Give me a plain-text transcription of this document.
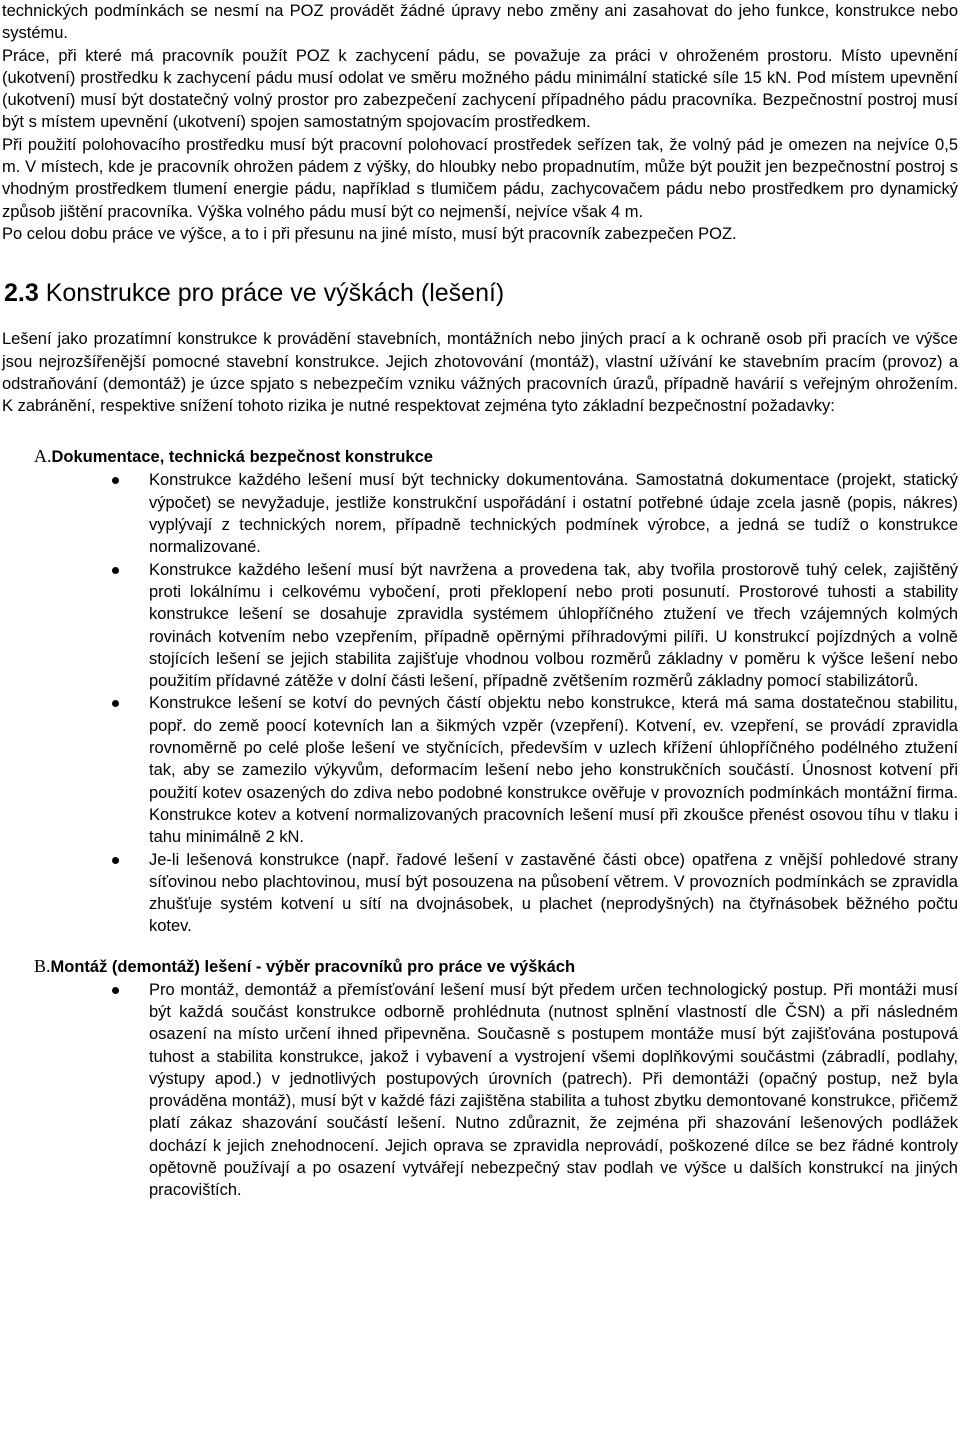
technických podmínkách se nesmí na POZ provádět žádné úpravy nebo změny ani zasahovat do jeho funkce, konstrukce nebo systému.

Práce, při které má pracovník použít POZ k zachycení pádu, se považuje za práci v ohroženém prostoru. Místo upevnění (ukotvení) prostředku k zachycení pádu musí odolat ve směru možného pádu minimální statické síle 15 kN. Pod místem upevnění (ukotvení) musí být dostatečný volný prostor pro zabezpečení zachycení případného pádu pracovníka. Bezpečnostní postroj musí být s místem upevnění (ukotvení) spojen samostatným spojovacím prostředkem.

Při použití polohovacího prostředku musí být pracovní polohovací prostředek seřízen tak, že volný pád je omezen na nejvíce 0,5 m. V místech, kde je pracovník ohrožen pádem z výšky, do hloubky nebo propadnutím, může být použit jen bezpečnostní postroj s vhodným prostředkem tlumení energie pádu, například s tlumičem pádu, zachycovačem pádu nebo prostředkem pro dynamický způsob jištění pracovníka. Výška volného pádu musí být co nejmenší, nejvíce však 4 m.

Po celou dobu práce ve výšce, a to i při přesunu na jiné místo, musí být pracovník zabezpečen POZ.

2.3 Konstrukce pro práce ve výškách (lešení)

Lešení jako prozatímní konstrukce k provádění stavebních, montážních nebo jiných prací a k ochraně osob při pracích ve výšce jsou nejrozšířenější pomocné stavební konstrukce. Jejich zhotovování (montáž), vlastní užívání ke stavebním pracím (provoz) a odstraňování (demontáž) je úzce spjato s nebezpečím vzniku vážných pracovních úrazů, případně havárií s veřejným ohrožením. K zabránění, respektive snížení tohoto rizika je nutné respektovat zejména tyto základní bezpečnostní požadavky:

A.Dokumentace, technická bezpečnost konstrukce
Konstrukce každého lešení musí být technicky dokumentována. Samostatná dokumentace (projekt, statický výpočet) se nevyžaduje, jestliže konstrukční uspořádání i ostatní potřebné údaje zcela jasně (popis, nákres) vyplývají z technických norem, případně technických podmínek výrobce, a jedná se tudíž o konstrukce normalizované.
Konstrukce každého lešení musí být navržena a provedena tak, aby tvořila prostorově tuhý celek, zajištěný proti lokálnímu i celkovému vybočení, proti překlopení nebo proti posunutí. Prostorové tuhosti a stability konstrukce lešení se dosahuje zpravidla systémem úhlopříčného ztužení ve třech vzájemných kolmých rovinách kotvením nebo vzepřením, případně opěrnými příhradovými pilíři. U konstrukcí pojízdných a volně stojících lešení se jejich stabilita zajišťuje vhodnou volbou rozměrů základny v poměru k výšce lešení nebo použitím přídavné zátěže v dolní části lešení, případně zvětšením rozměrů základny pomocí stabilizátorů.
Konstrukce lešení se kotví do pevných částí objektu nebo konstrukce, která má sama dostatečnou stabilitu, popř. do země poocí kotevních lan a šikmých vzpěr (vzepření). Kotvení, ev. vzepření, se provádí zpravidla rovnoměrně po celé ploše lešení ve styčnících, především v uzlech křížení úhlopříčného podélného ztužení tak, aby se zamezilo výkyvům, deformacím lešení nebo jeho konstrukčních součástí. Únosnost kotvení při použití kotev osazených do zdiva nebo podobné konstrukce ověřuje v provozních podmínkách montážní firma. Konstrukce kotev a kotvení normalizovaných pracovních lešení musí při zkoušce přenést osovou tíhu v tlaku i tahu minimálně 2 kN.
Je-li lešenová konstrukce (např. řadové lešení v zastavěné části obce) opatřena z vnější pohledové strany síťovinou nebo plachtovinou, musí být posouzena na působení větrem. V provozních podmínkách se zpravidla zhušťuje systém kotvení u sítí na dvojnásobek, u plachet (neprodyšných) na čtyřnásobek běžného počtu kotev.
B.Montáž (demontáž) lešení - výběr pracovníků pro práce ve výškách
Pro montáž, demontáž a přemísťování lešení musí být předem určen technologický postup. Při montáži musí být každá součást konstrukce odborně prohlédnuta (nutnost splnění vlastností dle ČSN) a při následném osazení na místo určení ihned připevněna. Současně s postupem montáže musí být zajišťována postupová tuhost a stabilita konstrukce, jakož i vybavení a vystrojení všemi doplňkovými součástmi (zábradlí, podlahy, výstupy apod.) v jednotlivých postupových úrovních (patrech). Při demontáži (opačný postup, než byla prováděna montáž), musí být v každé fázi zajištěna stabilita a tuhost zbytku demontované konstrukce, přičemž platí zákaz shazování součástí lešení. Nutno zdůraznit, že zejména při shazování lešenových podlážek dochází k jejich znehodnocení. Jejich oprava se zpravidla neprovádí, poškozené dílce se bez řádné kontroly opětovně používají a po osazení vytvářejí nebezpečný stav podlah ve výšce u dalších konstrukcí na jiných pracovištích.
